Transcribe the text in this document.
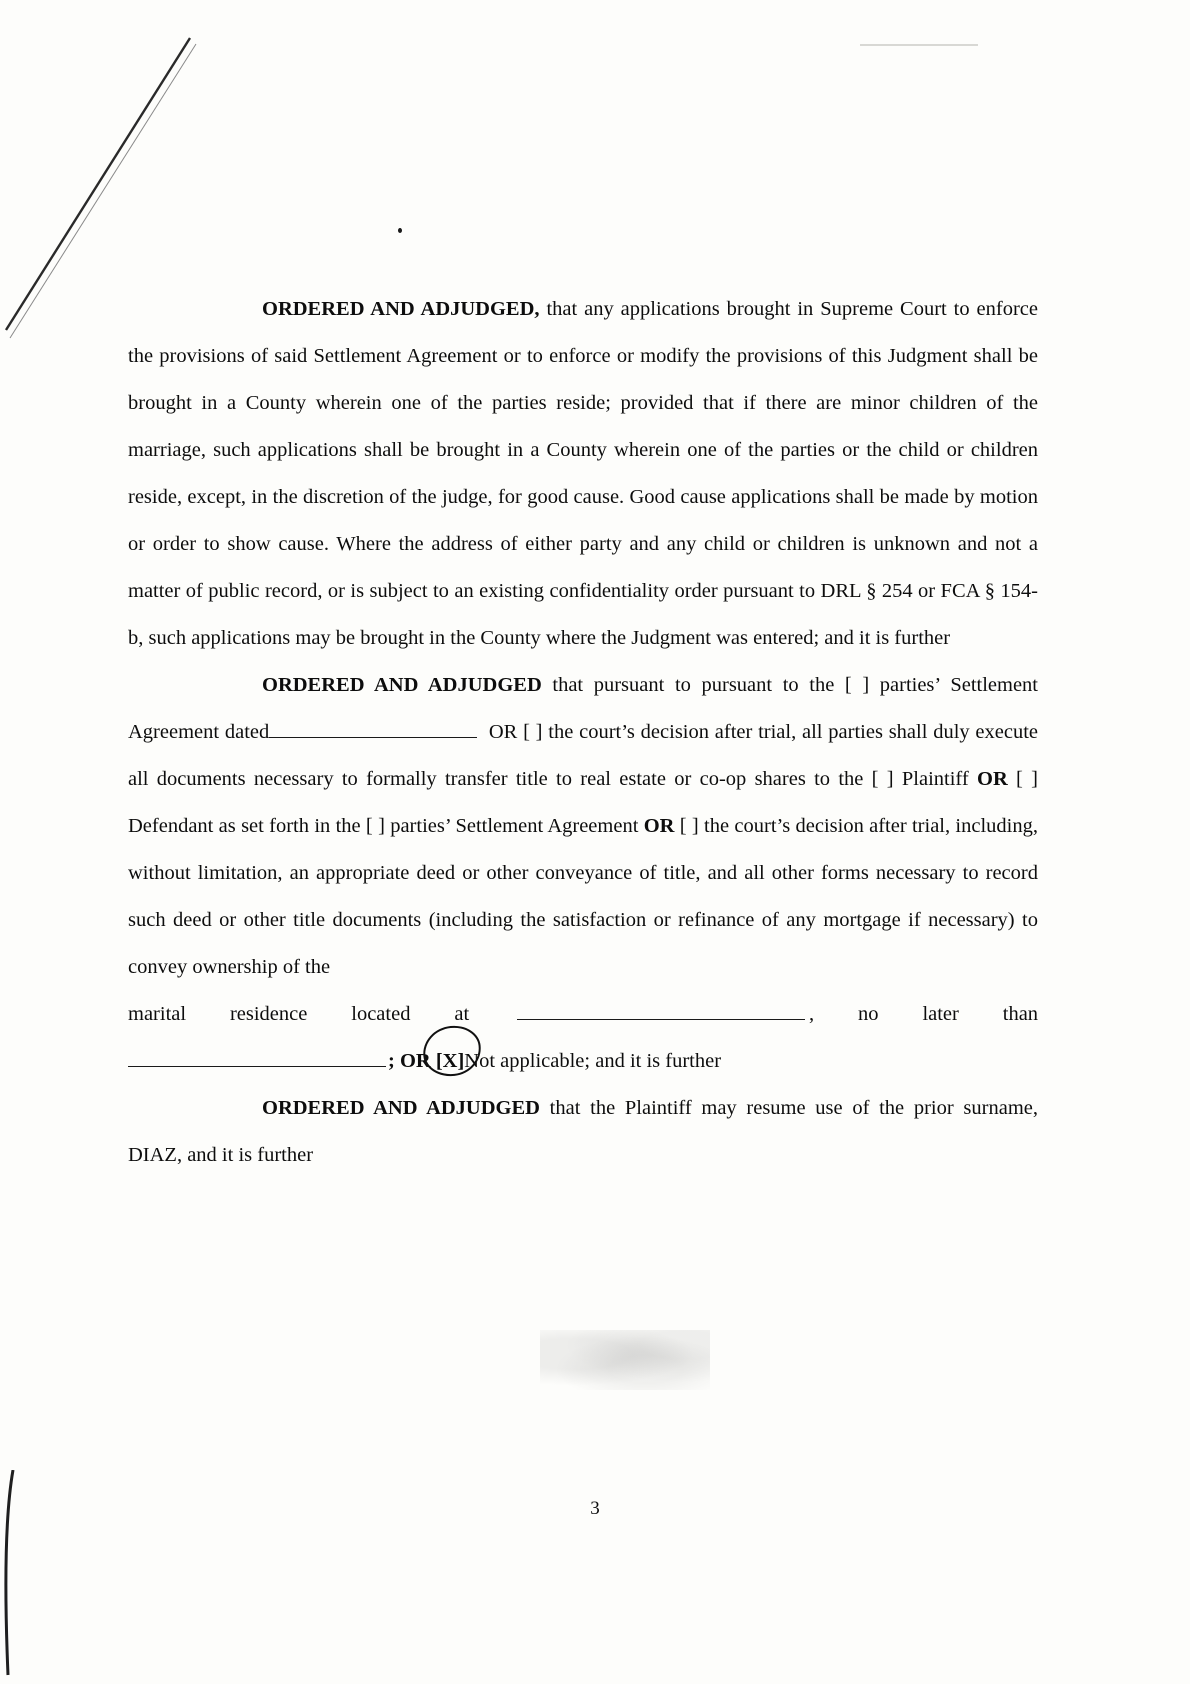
ORDERED AND ADJUDGED, that any applications brought in Supreme Court to enforce the provisions of said Settlement Agreement or to enforce or modify the provisions of this Judgment shall be brought in a County wherein one of the parties reside; provided that if there are minor children of the marriage, such applications shall be brought in a County wherein one of the parties or the child or children reside, except, in the discretion of the judge, for good cause. Good cause applications shall be made by motion or order to show cause. Where the address of either party and any child or children is unknown and not a matter of public record, or is subject to an existing confidentiality order pursuant to DRL § 254 or FCA § 154-b, such applications may be brought in the County where the Judgment was entered; and it is further

ORDERED AND ADJUDGED that pursuant to pursuant to the [ ] parties’ Settlement Agreement dated	OR [ ] the court’s decision after trial, all parties shall duly execute all documents necessary to formally transfer title to real estate or co-op shares to the [ ] Plaintiff OR [ ] Defendant as set forth in the [ ] parties’ Settlement Agreement OR [ ] the court’s decision after trial, including, without limitation, an appropriate deed or other conveyance of title, and all other forms necessary to record such deed or other title documents (including the satisfaction or refinance of any mortgage if necessary) to convey ownership of the

marital residence located at	, no later than

; OR [X]Not applicable; and it is further

ORDERED AND ADJUDGED that the Plaintiff may resume use of the prior surname, DIAZ, and it is further

3
